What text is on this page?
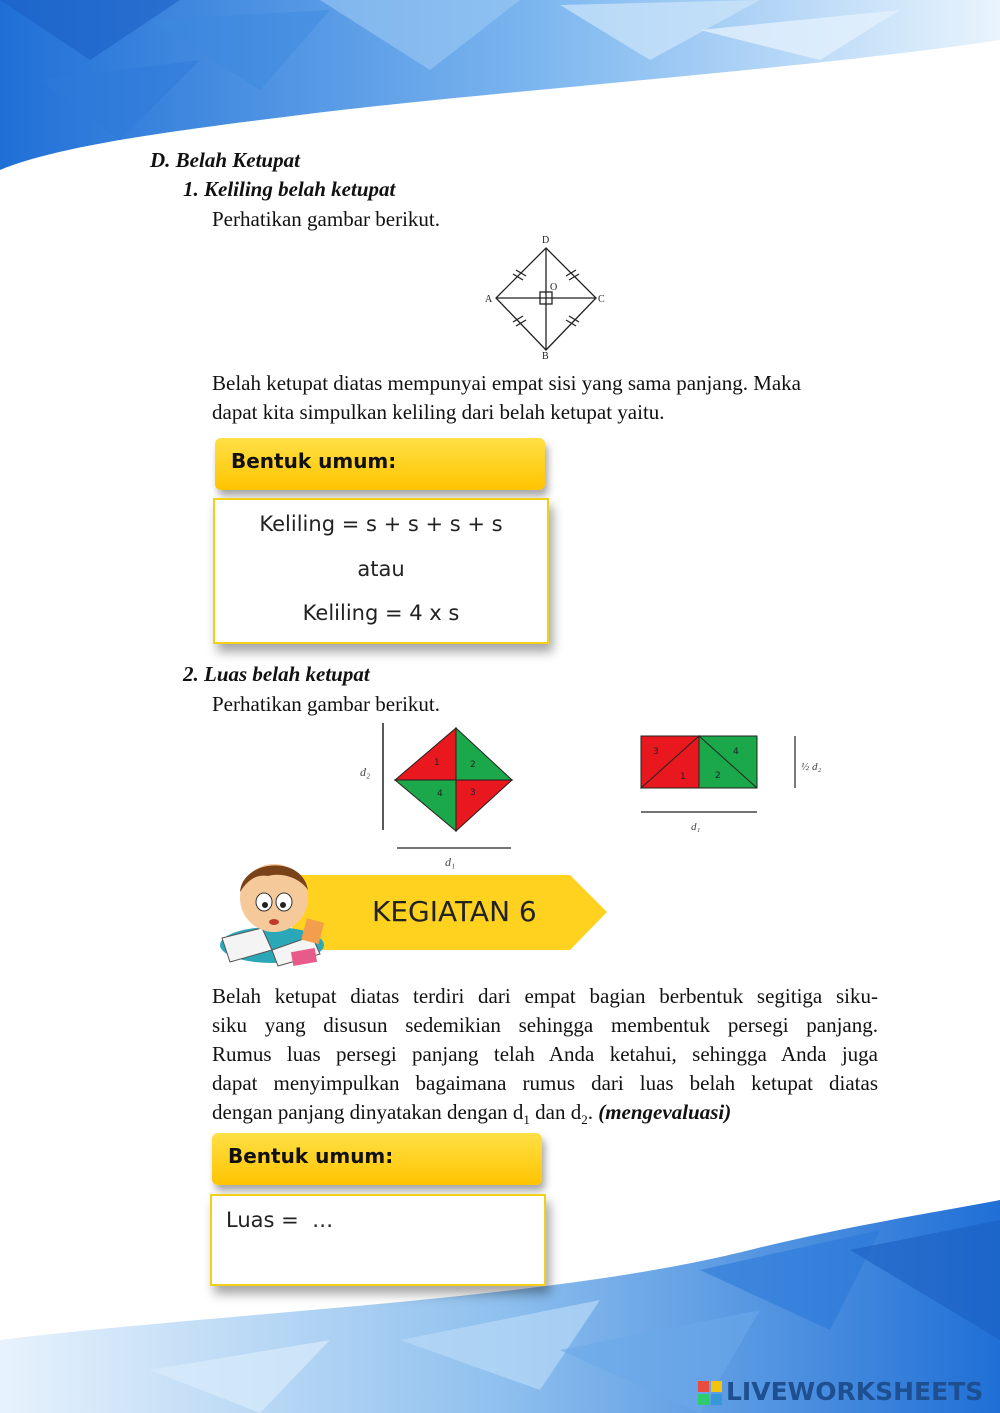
D. Belah Ketupat
1. Keliling belah ketupat
Perhatikan gambar berikut.
D
A	C
B
O
Belah ketupat diatas mempunyai empat sisi yang sama panjang. Maka
dapat kita simpulkan keliling dari belah ketupat yaitu.
Bentuk umum:
Keliling = s + s + s + s
atau
Keliling = 4 x s
2. Luas belah ketupat
Perhatikan gambar berikut.
1	2
4	3
d₂
d₁
3
1
4
2
d₁
½ d₂
KEGIATAN 6
Belah ketupat diatas terdiri dari empat bagian berbentuk segitiga siku-
siku yang disusun sedemikian sehingga membentuk persegi panjang.
Rumus luas persegi panjang telah Anda ketahui, sehingga Anda juga
dapat menyimpulkan bagaimana rumus dari luas belah ketupat diatas
dengan panjang dinyatakan dengan $d_1$ dan $d_2$. (mengevaluasi)
Bentuk umum:
Luas =  …
LIVEWORKSHEETS
